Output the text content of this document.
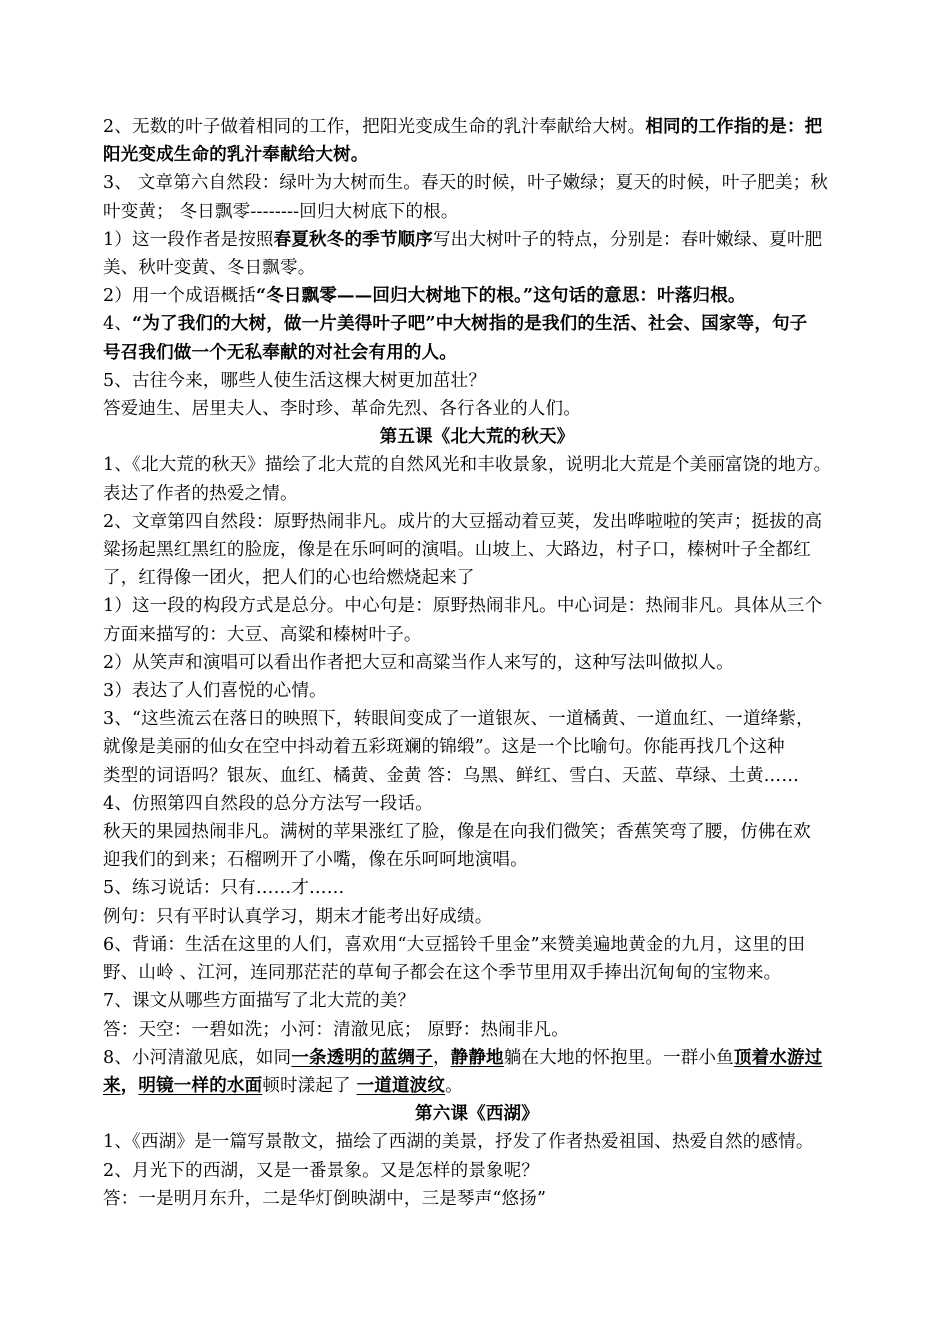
2、无数的叶子做着相同的工作，把阳光变成生命的乳汁奉献给大树。相同的工作指的是：把
阳光变成生命的乳汁奉献给大树。
3、 文章第六自然段：绿叶为大树而生。春天的时候，叶子嫩绿；夏天的时候，叶子肥美；秋
叶变黄； 冬日飘零--------回归大树底下的根。
1）这一段作者是按照春夏秋冬的季节顺序写出大树叶子的特点，分别是：春叶嫩绿、夏叶肥
美、秋叶变黄、冬日飘零。
2）用一个成语概括“冬日飘零——回归大树地下的根。”这句话的意思：叶落归根。
4、“为了我们的大树，做一片美得叶子吧”中大树指的是我们的生活、社会、国家等，句子
号召我们做一个无私奉献的对社会有用的人。
5、古往今来，哪些人使生活这棵大树更加茁壮？
答爱迪生、居里夫人、李时珍、革命先烈、各行各业的人们。
第五课《北大荒的秋天》
1、《北大荒的秋天》描绘了北大荒的自然风光和丰收景象，说明北大荒是个美丽富饶的地方。
表达了作者的热爱之情。
2、文章第四自然段：原野热闹非凡。成片的大豆摇动着豆荚，发出哗啦啦的笑声；挺拔的高
粱扬起黑红黑红的脸庞，像是在乐呵呵的演唱。山坡上、大路边，村子口，榛树叶子全都红
了，红得像一团火，把人们的心也给燃烧起来了
1）这一段的构段方式是总分。中心句是：原野热闹非凡。中心词是：热闹非凡。具体从三个
方面来描写的：大豆、高粱和榛树叶子。
2）从笑声和演唱可以看出作者把大豆和高粱当作人来写的，这种写法叫做拟人。
3）表达了人们喜悦的心情。
3、“这些流云在落日的映照下，转眼间变成了一道银灰、一道橘黄、一道血红、一道绛紫，
就像是美丽的仙女在空中抖动着五彩斑斓的锦缎”。这是一个比喻句。你能再找几个这种
类型的词语吗？银灰、血红、橘黄、金黄 答：乌黑、鲜红、雪白、天蓝、草绿、土黄……
4、仿照第四自然段的总分方法写一段话。
秋天的果园热闹非凡。满树的苹果涨红了脸，像是在向我们微笑；香蕉笑弯了腰，仿佛在欢
迎我们的到来；石榴咧开了小嘴，像在乐呵呵地演唱。
5、练习说话：只有……才……
例句：只有平时认真学习，期末才能考出好成绩。
6、背诵：生活在这里的人们，喜欢用“大豆摇铃千里金”来赞美遍地黄金的九月，这里的田
野、山岭 、江河，连同那茫茫的草甸子都会在这个季节里用双手捧出沉甸甸的宝物来。
7、课文从哪些方面描写了北大荒的美？
答：天空：一碧如洗；小河：清澈见底； 原野：热闹非凡。
8、小河清澈见底，如同一条透明的蓝绸子，静静地躺在大地的怀抱里。一群小鱼顶着水游过
来，明镜一样的水面顿时漾起了 一道道波纹。
第六课《西湖》
1、《西湖》是一篇写景散文，描绘了西湖的美景，抒发了作者热爱祖国、热爱自然的感情。
2、月光下的西湖，又是一番景象。又是怎样的景象呢？
答：一是明月东升，二是华灯倒映湖中，三是琴声“悠扬”
